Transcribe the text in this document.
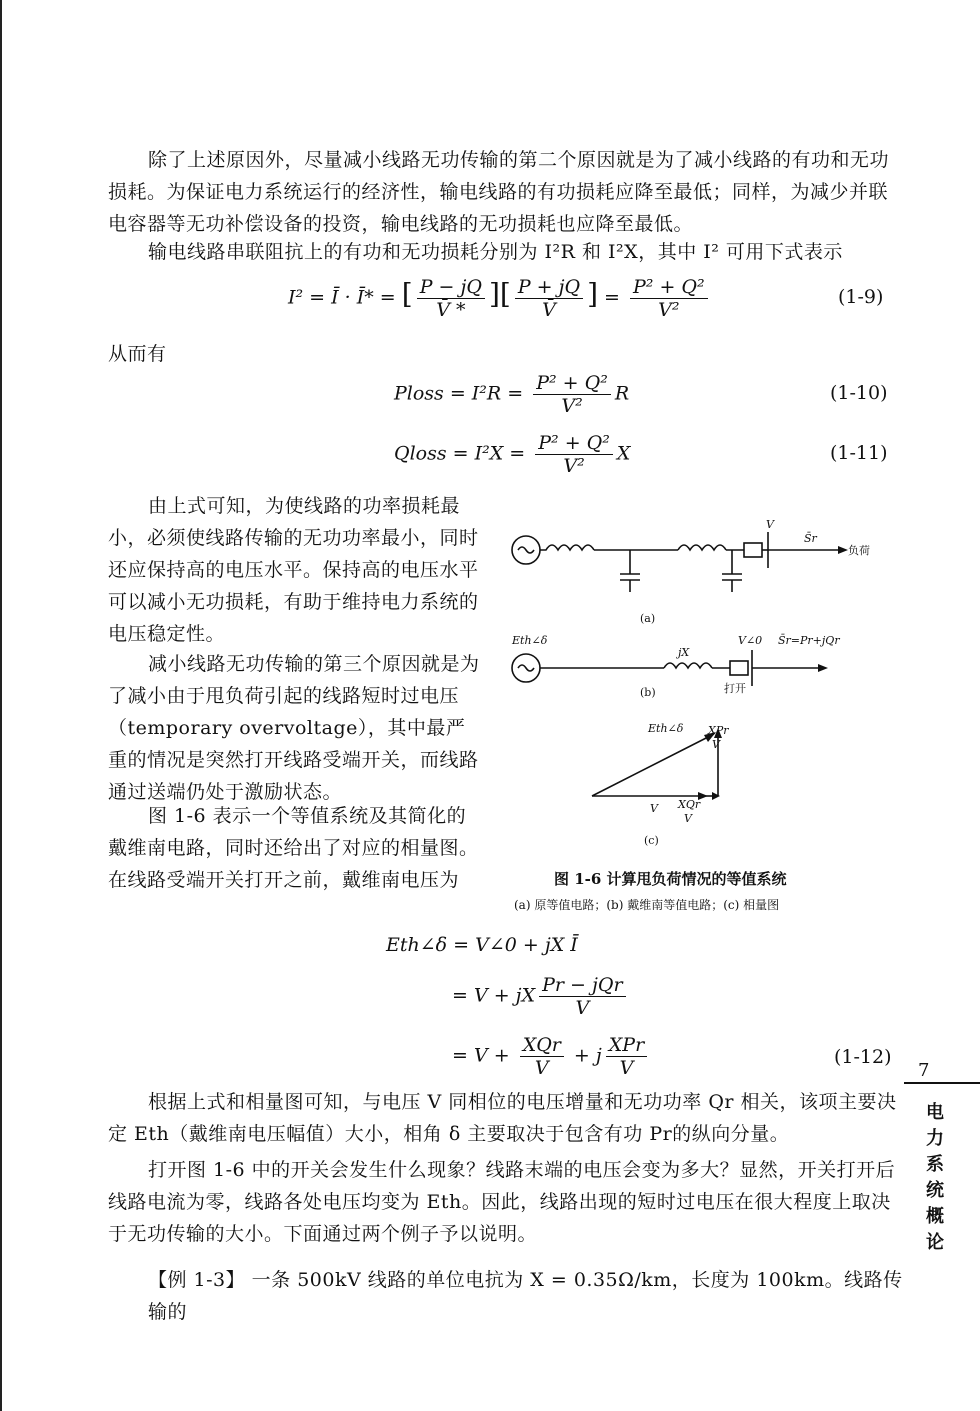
除了上述原因外，尽量减小线路无功传输的第二个原因就是为了减小线路的有功和无功损耗。为保证电力系统运行的经济性，输电线路的有功损耗应降至最低；同样，为减少并联电容器等无功补偿设备的投资，输电线路的无功损耗也应降至最低。
输电线路串联阻抗上的有功和无功损耗分别为 I²R 和 I²X，其中 I² 可用下式表示
I² = Ī · Ī* = [ $\frac{P - jQ}{V̄ *}$ ][ $\frac{P + jQ}{V̄}$ ] = $\frac{\text{P² + Q²}}{\text{V²}}$	(1-9)
从而有
Ploss = $I^2R = \frac{\text{P² + Q²}}{\text{V²}}$ R	(1-10)
Qloss = $I^2X = \frac{\text{P² + Q²}}{\text{V²}}$ X	(1-11)
由上式可知，为使线路的功率损耗最小，必须使线路传输的无功功率最小，同时还应保持高的电压水平。保持高的电压水平可以减小无功损耗，有助于维持电力系统的电压稳定性。
减小线路无功传输的第三个原因就是为了减小由于甩负荷引起的线路短时过电压（temporary overvoltage），其中最严重的情况是突然打开线路受端开关，而线路通过送端仍处于激励状态。
图 1-6 表示一个等值系统及其简化的戴维南电路，同时还给出了对应的相量图。在线路受端开关打开之前，戴维南电压为
V
S̄r
负荷
(a)
Eth∠δ
jX
V∠0 S̄r=Pr+jQr
打开
(b)
Eth∠δ XPr
V
V XQr
V
(c)
图 1-6 计算甩负荷情况的等值系统
(a) 原等值电路；(b) 戴维南等值电路；(c) 相量图
Eth∠δ = V∠0 + jX Ī
= V + jX $\frac{\text{Pr − jQr}}{V}$
= $V + \frac{\text{XQr}}{V} + j \frac{\text{XPr}}{V}$	(1-12)
根据上式和相量图可知，与电压 V 同相位的电压增量和无功功率 Qr 相关，该项主要决定 Eth（戴维南电压幅值）大小，相角 δ 主要取决于包含有功 Pr的纵向分量。
打开图 1-6 中的开关会发生什么现象？线路末端的电压会变为多大？显然，开关打开后线路电流为零，线路各处电压均变为 Eth。因此，线路出现的短时过电压在很大程度上取决于无功传输的大小。下面通过两个例子予以说明。
【例 1-3】 一条 500kV 线路的单位电抗为 X = 0.35Ω/km，长度为 100km。线路传输的
7
电
力
系
统
概
论
